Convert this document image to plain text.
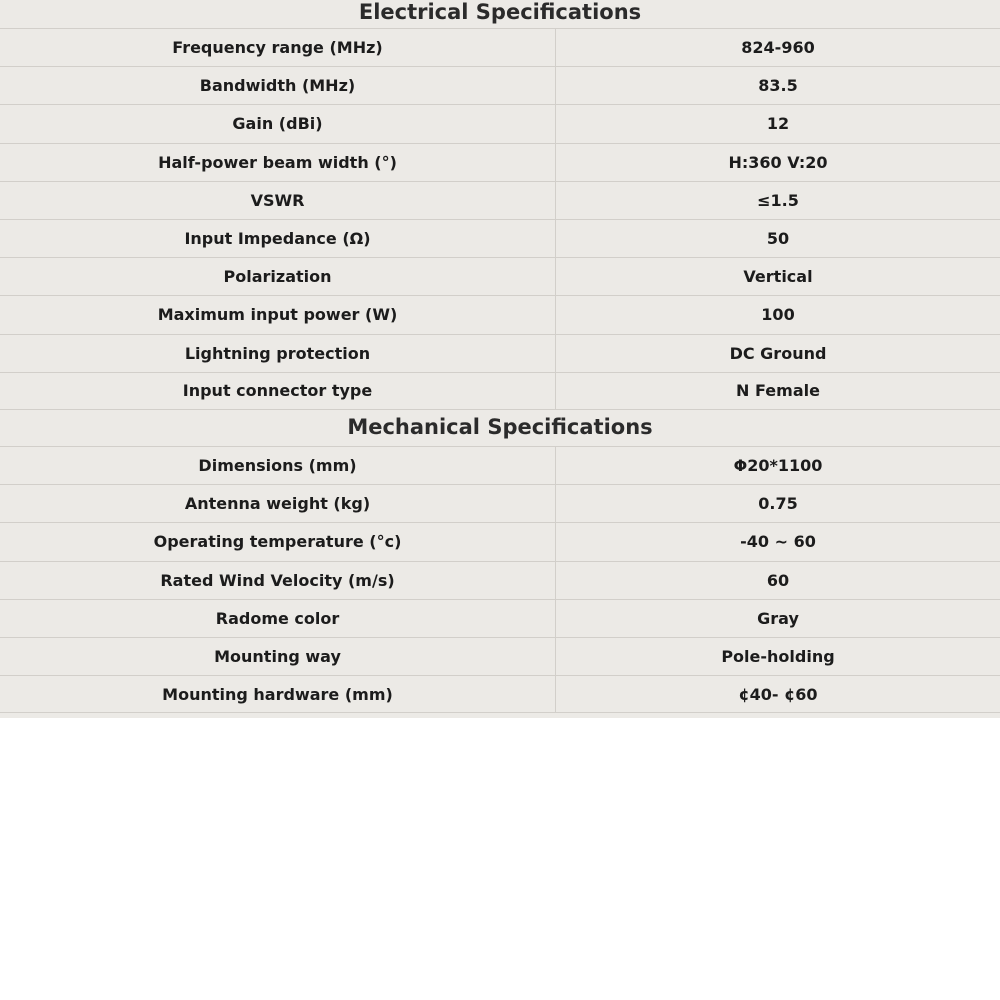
Electrical Specifications
Frequency range (MHz)	824-960
Bandwidth (MHz)	83.5
Gain (dBi)	12
Half-power beam width (°)	H:360 V:20
VSWR	≤1.5
Input Impedance (Ω)	50
Polarization	Vertical
Maximum input power (W)	100
Lightning protection	DC Ground
Input connector type	N Female
Mechanical Specifications
Dimensions (mm)	Φ20*1100
Antenna weight (kg)	0.75
Operating temperature (°c)	-40 ~ 60
Rated Wind Velocity (m/s)	60
Radome color	Gray
Mounting way	Pole-holding
Mounting hardware (mm)	¢40- ¢60
